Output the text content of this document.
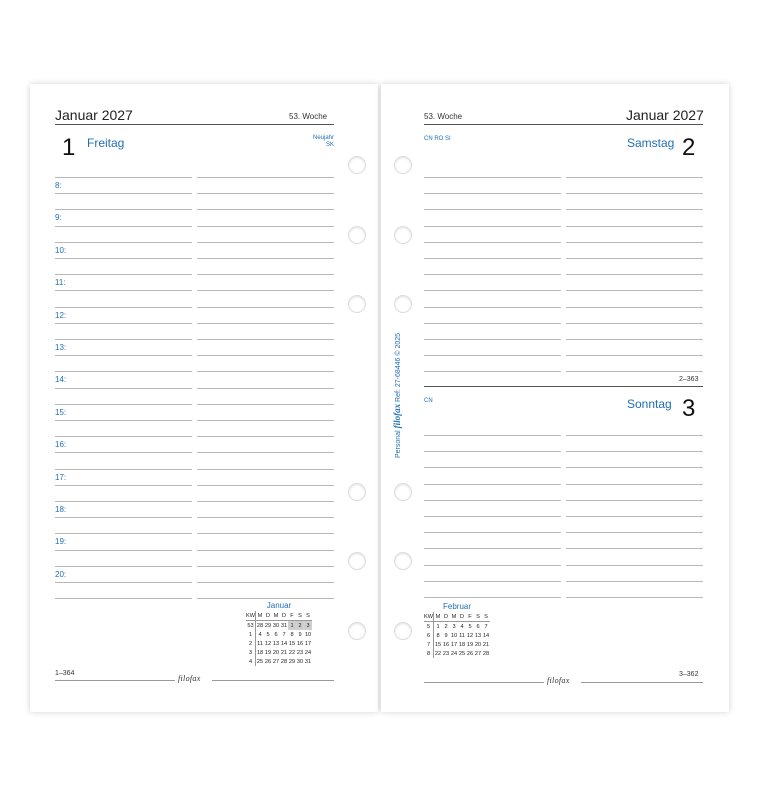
Januar 2027	53. Woche
1 Freitag	Neujahr
SK
8:
9:
10:
11:
12:
13:
14:
15:
16:
17:
18:
19:
20:
Januar
KW	M	D	M	D	F	S	S
53	28	29	30	31	1	2	3
1	4	5	6	7	8	9	10
2	11	12	13	14	15	16	17
3	18	19	20	21	22	23	24
4	25	26	27	28	29	30	31
1–364
filofax
53. Woche	Januar 2027
CN RO SI	Samstag 2
2–363
CN	Sonntag 3
Februar
KW	M	D	M	D	F	S	S
5	1	2	3	4	5	6	7
6	8	9	10	11	12	13	14
7	15	16	17	18	19	20	21
8	22	23	24	25	26	27	28
filofax
3–362
Personal filofax Ref: 27-68446 © 2025
